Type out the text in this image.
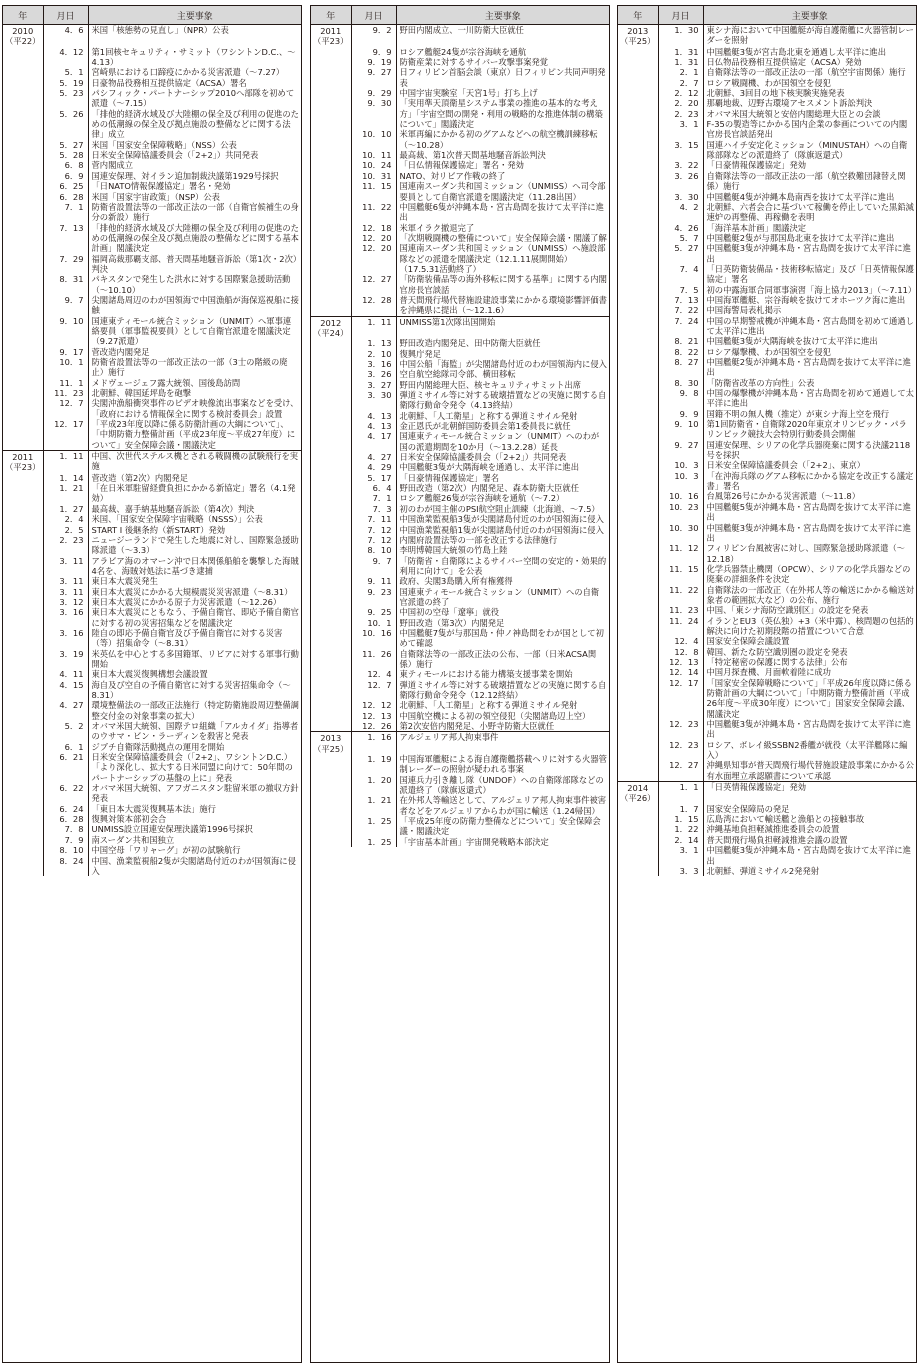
年	月日	主要事象

2010
（平22）	4．6	米国「核態勢の見直し」（NPR）公表
	4．12	第1回核セキュリティ・サミット（ワシントンD.C.、～4.13）
	5．1	宮崎県における口蹄疫にかかる災害派遣（～7.27）
	5．19	日豪物品役務相互提供協定（ACSA）署名
	5．23	パシフィック・パートナーシップ2010へ部隊を初めて派遣（～7.15）
	5．26	「排他的経済水域及び大陸棚の保全及び利用の促進のための低潮線の保全及び拠点施設の整備などに関する法律」成立
	5．27	米国「国家安全保障戦略」（NSS）公表
	5．28	日米安全保障協議委員会（「2+2」）共同発表
	6．8	菅内閣成立
	6．9	国連安保理、対イラン追加制裁決議第1929号採択
	6．25	「日NATO情報保護協定」署名・発効
	6．28	米国「国家宇宙政策」（NSP）公表
	7．1	防衛省設置法等の一部改正法の一部（自衛官候補生の身分の新設）施行
	7．13	「排他的経済水域及び大陸棚の保全及び利用の促進のための低潮線の保全及び拠点施設の整備などに関する基本計画」閣議決定
	7．29	福岡高裁那覇支部、普天間基地騒音訴訟（第1次・2次）判決
	8．31	パキスタンで発生した洪水に対する国際緊急援助活動（～10.10）
	9．7	尖閣諸島周辺のわが国領海で中国漁船が海保巡視船に接触
	9．10	国連東ティモール統合ミッション（UNMIT）へ軍事連絡要員（軍事監視要員）として自衛官派遣を閣議決定（9.27派遣）
	9．17	菅改造内閣発足
	10．1	防衛省設置法等の一部改正法の一部（3士の階級の廃止）施行
	11．1	メドヴェージェフ露大統領、国後島訪問
	11．23	北朝鮮、韓国延坪島を砲撃
	12．7	尖閣沖漁船衝突事件のビデオ映像流出事案などを受け、「政府における情報保全に関する検討委員会」設置
	12．17	「平成23年度以降に係る防衛計画の大綱について」、「中期防衛力整備計画（平成23年度～平成27年度）について」安全保障会議・閣議決定

2011
（平23）	1．11	中国、次世代ステルス機とされる戦闘機の試験飛行を実施
	1．14	菅改造（第2次）内閣発足
	1．21	「在日米軍駐留経費負担にかかる新協定」署名（4.1発効）
	1．27	最高裁、嘉手納基地騒音訴訟（第4次）判決
	2．4	米国、「国家安全保障宇宙戦略（NSSS）」公表
	2．5	START I 後継条約（新START）発効
	2．23	ニュージーランドで発生した地震に対し、国際緊急援助隊派遣（～3.3）
	3．11	アラビア海のオマーン沖で日本関係船舶を襲撃した海賊4名を、海賊対処法に基づき逮捕
	3．11	東日本大震災発生
	3．11	東日本大震災にかかる大規模震災災害派遣（～8.31）
	3．12	東日本大震災にかかる原子力災害派遣（～12.26）
	3．16	東日本大震災にともなう、予備自衛官、即応予備自衛官に対する初の災害招集などを閣議決定
	3．16	陸自の即応予備自衛官及び予備自衛官に対する災害（等）招集命令（～8.31）
	3．19	米英仏を中心とする多国籍軍、リビアに対する軍事行動開始
	4．11	東日本大震災復興構想会議設置
	4．15	海自及び空自の予備自衛官に対する災害招集命令（～8.31）
	4．27	環境整備法の一部改正法施行（特定防衛施設周辺整備調整交付金の対象事業の拡大）
	5．2	オバマ米国大統領、国際テロ組織「アルカイダ」指導者のウサマ・ビン・ラーディンを殺害と発表
	6．1	ジブチ自衛隊活動拠点の運用を開始
	6．21	日米安全保障協議委員会（「2+2」、ワシントンD.C.）「より深化し、拡大する日米同盟に向けて：50年間のパートナーシップの基盤の上に」発表
	6．22	オバマ米国大統領、アフガニスタン駐留米軍の撤収方針発表
	6．24	「東日本大震災復興基本法」施行
	6．28	復興対策本部初会合
	7．8	UNMISS設立国連安保理決議第1996号採択
	7．9	南スーダン共和国独立
	8．10	中国空母「ワリャーグ」が初の試験航行
	8．24	中国、漁業監視船2隻が尖閣諸島付近のわが国領海に侵入
年	月日	主要事象

2011
（平23）	9．2	野田内閣成立、一川防衛大臣就任
	9．9	ロシア艦艇24隻が宗谷海峡を通航
	9．19	防衛産業に対するサイバー攻撃事案発覚
	9．27	日フィリピン首脳会談（東京）日フィリピン共同声明発表
	9．29	中国宇宙実験室「天宮1号」打ち上げ
	9．30	「実用準天頂衛星システム事業の推進の基本的な考え方」「宇宙空間の開発・利用の戦略的な推進体制の構築について」閣議決定
	10．10	米軍再編にかかる初のグアムなどへの航空機訓練移転（～10.28）
	10．11	最高裁、第1次普天間基地騒音訴訟判決
	10．24	「日仏情報保護協定」署名・発効
	10．31	NATO、対リビア作戦の終了
	11．15	国連南スーダン共和国ミッション（UNMISS）へ司令部要員として自衛官派遣を閣議決定（11.28出国）
	11．22	中国艦艇6隻が沖縄本島・宮古島間を抜けて太平洋に進出
	12．18	米軍イラク撤退完了
	12．20	「次期戦闘機の整備について」安全保障会議・閣議了解
	12．20	国連南スーダン共和国ミッション（UNMISS）へ施設部隊などの派遣を閣議決定（12.1.11展開開始）（17.5.31活動終了）
	12．27	「防衛装備品等の海外移転に関する基準」に関する内閣官房長官談話
	12．28	普天間飛行場代替施設建設事業にかかる環境影響評価書を沖縄県に提出（～12.1.6）

2012
（平24）	1．11	UNMISS第1次隊出国開始
	1．13	野田改造内閣発足、田中防衛大臣就任
	2．10	復興庁発足
	3．16	中国公船「海監」が尖閣諸島付近のわが国領海内に侵入
	3．26	空自航空総隊司令部、横田移転
	3．27	野田内閣総理大臣、核セキュリティサミット出席
	3．30	弾道ミサイル等に対する破壊措置などの実施に関する自衛隊行動命令発令（4.13終結）
	4．13	北朝鮮、「人工衛星」と称する弾道ミサイル発射
	4．13	金正恩氏が北朝鮮国防委員会第1委員長に就任
	4．17	国連東ティモール統合ミッション（UNMIT）へのわが国の派遣期間を10か月（～13.2.28）延長
	4．27	日米安全保障協議委員会（「2+2」）共同発表
	4．29	中国艦艇3隻が大隅海峡を通過し、太平洋に進出
	5．17	「日豪情報保護協定」署名
	6．4	野田改造（第2次）内閣発足、森本防衛大臣就任
	7．1	ロシア艦艇26隻が宗谷海峡を通航（～7.2）
	7．3	初のわが国主催のPSI航空阻止訓練（北海道、～7.5）
	7．11	中国漁業監視船3隻が尖閣諸島付近のわが国領海に侵入
	7．12	中国漁業監視船1隻が尖閣諸島付近のわが国領海に侵入
	7．12	内閣府設置法等の一部を改正する法律施行
	8．10	李明博韓国大統領の竹島上陸
	9．7	「防衛省・自衛隊によるサイバー空間の安定的・効果的利用に向けて」を公表
	9．11	政府、尖閣3島購入所有権獲得
	9．23	国連東ティモール統合ミッション（UNMIT）への自衛官派遣の終了
	9．25	中国初の空母「遼寧」就役
	10．1	野田改造（第3次）内閣発足
	10．16	中国艦艇7隻が与那国島・仲ノ神島間をわが国として初めて確認
	11．26	自衛隊法等の一部改正法の公布、一部（日米ACSA関係）施行
	12．4	東ティモールにおける能力構築支援事業を開始
	12．7	弾道ミサイル等に対する破壊措置などの実施に関する自衛隊行動命令発令（12.12終結）
	12．12	北朝鮮、「人工衛星」と称する弾道ミサイル発射
	12．13	中国航空機による初の領空侵犯（尖閣諸島辺上空）
	12．26	第2次安倍内閣発足、小野寺防衛大臣就任

2013
（平25）	1．16	アルジェリア邦人拘束事件
	1．19	中国海軍艦艇による海自護衛艦搭載ヘリに対する火器管制レーダーの照射が疑われる事案
	1．20	国連兵力引き離し隊（UNDOF）への自衛隊部隊などの派遣終了（隊旗返還式）
	1．21	在外邦人等輸送として、アルジェリア邦人拘束事件被害者などをアルジェリアからわが国に輸送（1.24帰国）
	1．25	「平成25年度の防衛力整備などについて」安全保障会議・閣議決定
	1．25	「宇宙基本計画」宇宙開発戦略本部決定
年	月日	主要事象

2013
（平25）	1．30	東シナ海において中国艦艇が海自護衛艦に火器管制レーダーを照射
	1．31	中国艦艇3隻が宮古島北東を通過し太平洋に進出
	1．31	日仏物品役務相互提供協定（ACSA）発効
	2．1	自衛隊法等の一部改正法の一部（航空宇宙関係）施行
	2．7	ロシア戦闘機、わが国領空を侵犯
	2．12	北朝鮮、3回目の地下核実験実施発表
	2．20	那覇地裁、辺野古環境アセスメント訴訟判決
	2．23	オバマ米国大統領と安倍内閣総理大臣との会談
	3．1	F-35の製造等にかかる国内企業の参画についての内閣官房長官談話発出
	3．15	国連ハイチ安定化ミッション（MINUSTAH）への自衛隊部隊などの派遣終了（隊旗返還式）
	3．22	「日豪情報保護協定」発効
	3．26	自衛隊法等の一部改正法の一部（航空救難団隷替え関係）施行
	3．30	中国艦艇4隻が沖縄本島南西を抜けて太平洋に進出
	4．2	北朝鮮、六者会合に基づいて稼働を停止していた黒鉛減速炉の再整備、再稼働を表明
	4．26	「海洋基本計画」閣議決定
	5．7	中国艦艇2隻が与那国島北東を抜けて太平洋に進出
	5．27	中国艦艇3隻が沖縄本島・宮古島間を抜けて太平洋に進出
	7．4	「日英防衛装備品・技術移転協定」及び「日英情報保護協定」署名
	7．5	初の中露海軍合同軍事演習「海上協力2013」（～7.11）
	7．13	中国海軍艦艇、宗谷海峡を抜けてオホーツク海に進出
	7．22	中国海警局表札掲示
	7．24	中国の早期警戒機が沖縄本島・宮古島間を初めて通過して太平洋に進出
	8．21	中国艦艇3隻が大隅海峡を抜けて太平洋に進出
	8．22	ロシア爆撃機、わが国領空を侵犯
	8．27	中国艦艇2隻が沖縄本島・宮古島間を抜けて太平洋に進出
	8．30	「防衛省改革の方向性」公表
	9．8	中国の爆撃機が沖縄本島・宮古島間を初めて通過して太平洋に進出
	9．9	国籍不明の無人機（推定）が東シナ海上空を飛行
	9．10	第1回防衛省・自衛隊2020年東京オリンピック・パラリンピック競技大会特別行動委員会開催
	9．27	国連安保理、シリアの化学兵器廃棄に関する決議2118号を採択
	10．3	日米安全保障協議委員会（「2+2」、東京）
	10．3	「在沖海兵隊のグアム移転にかかる協定を改正する議定書」署名
	10．16	台風第26号にかかる災害派遣（～11.8）
	10．23	中国艦艇5隻が沖縄本島・宮古島間を抜けて太平洋に進出
	10．30	中国艦艇3隻が沖縄本島・宮古島間を抜けて太平洋に進出
	11．12	フィリピン台風被害に対し、国際緊急援助隊派遣（～12.18）
	11．15	化学兵器禁止機関（OPCW）、シリアの化学兵器などの廃棄の詳細条件を決定
	11．22	自衛隊法の一部改正（在外邦人等の輸送にかかる輸送対象者の範囲拡大など）の公布、施行
	11．23	中国、「東シナ海防空識別区」の設定を発表
	11．24	イランとEU3（英仏独）+3（米中露）、核問題の包括的解決に向けた初期段階の措置について合意
	12．4	国家安全保障会議設置
	12．8	韓国、新たな防空識別圏の設定を発表
	12．13	「特定秘密の保護に関する法律」公布
	12．14	中国月探査機、月面軟着陸に成功
	12．17	「国家安全保障戦略について」「平成26年度以降に係る防衛計画の大綱について」「中期防衛力整備計画（平成26年度～平成30年度）について」国家安全保障会議、閣議決定
	12．23	中国艦艇3隻が沖縄本島・宮古島間を抜けて太平洋に進出
	12．23	ロシア、ボレイ級SSBN2番艦が就役（太平洋艦隊に編入）
	12．27	沖縄県知事が普天間飛行場代替施設建設事業にかかる公有水面埋立承認願書について承認

2014
（平26）	1．1	「日英情報保護協定」発効
	1．7	国家安全保障局の発足
	1．15	広島湾において輸送艦と漁船との接触事故
	1．22	沖縄基地負担軽減推進委員会の設置
	2．14	普天間飛行場負担軽減推進会議の設置
	3．1	中国艦艇3隻が沖縄本島・宮古島間を抜けて太平洋に進出
	3．3	北朝鮮、弾道ミサイル2発発射
